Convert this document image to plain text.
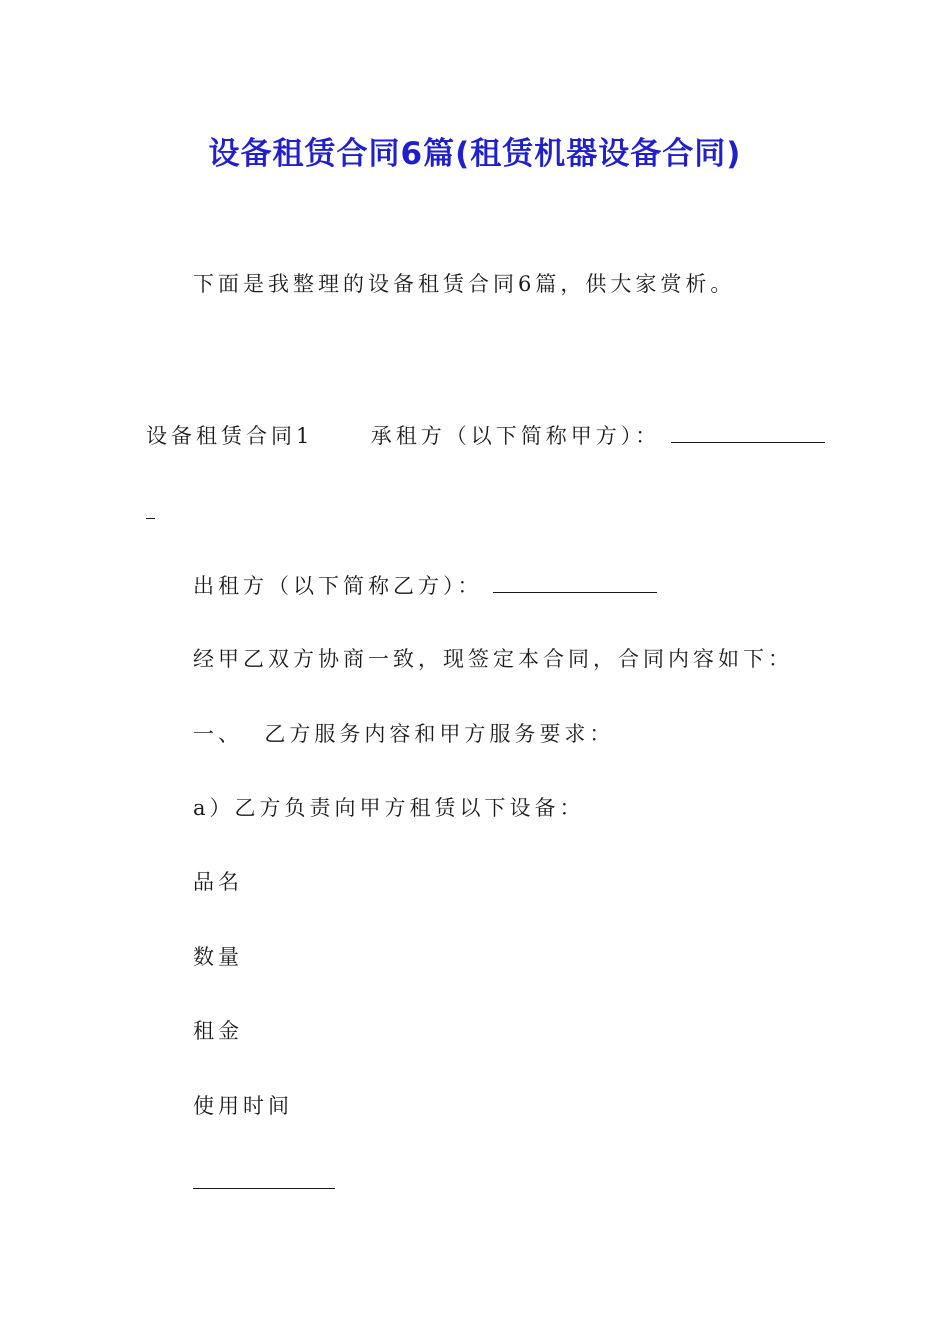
设备租赁合同6篇(租赁机器设备合同)
下面是我整理的设备租赁合同6篇，供大家赏析。
设备租赁合同1	承租方（以下简称甲方）：
出租方（以下简称乙方）：
经甲乙双方协商一致，现签定本合同，合同内容如下：
一、  乙方服务内容和甲方服务要求：
a）乙方负责向甲方租赁以下设备：
品名
数量
租金
使用时间
